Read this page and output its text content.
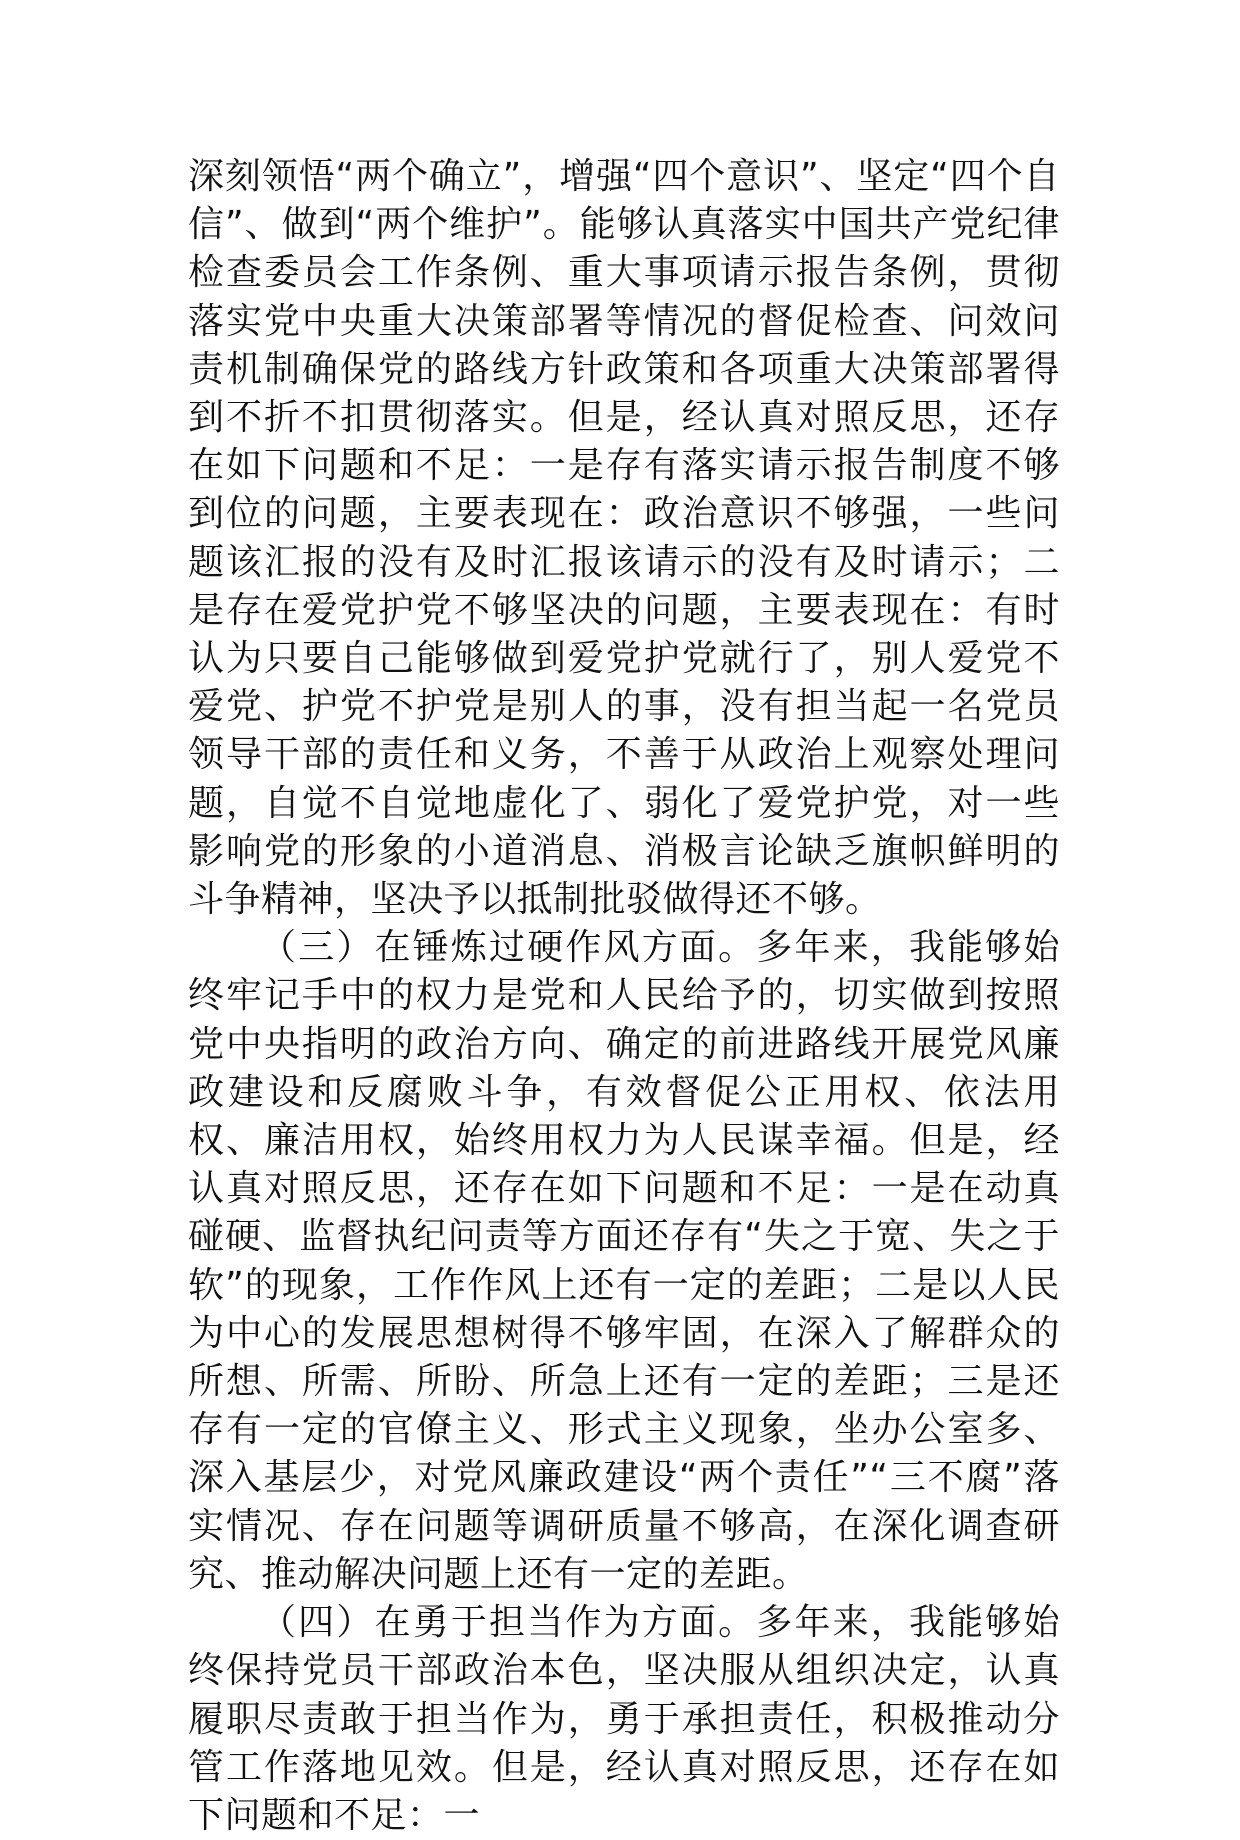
深刻领悟“两个确立”，增强“四个意识”、坚定“四个自信”、做到“两个维护”。能够认真落实中国共产党纪律检查委员会工作条例、重大事项请示报告条例，贯彻落实党中央重大决策部署等情况的督促检查、问效问责机制确保党的路线方针政策和各项重大决策部署得到不折不扣贯彻落实。但是，经认真对照反思，还存在如下问题和不足：一是存有落实请示报告制度不够到位的问题，主要表现在：政治意识不够强，一些问题该汇报的没有及时汇报该请示的没有及时请示；二是存在爱党护党不够坚决的问题，主要表现在：有时认为只要自己能够做到爱党护党就行了，别人爱党不爱党、护党不护党是别人的事，没有担当起一名党员领导干部的责任和义务，不善于从政治上观察处理问题，自觉不自觉地虚化了、弱化了爱党护党，对一些影响党的形象的小道消息、消极言论缺乏旗帜鲜明的斗争精神，坚决予以抵制批驳做得还不够。

（三）在锤炼过硬作风方面。多年来，我能够始终牢记手中的权力是党和人民给予的，切实做到按照党中央指明的政治方向、确定的前进路线开展党风廉政建设和反腐败斗争，有效督促公正用权、依法用权、廉洁用权，始终用权力为人民谋幸福。但是，经认真对照反思，还存在如下问题和不足：一是在动真碰硬、监督执纪问责等方面还存有“失之于宽、失之于软”的现象，工作作风上还有一定的差距；二是以人民为中心的发展思想树得不够牢固，在深入了解群众的所想、所需、所盼、所急上还有一定的差距；三是还存有一定的官僚主义、形式主义现象，坐办公室多、深入基层少，对党风廉政建设“两个责任”“三不腐”落实情况、存在问题等调研质量不够高，在深化调查研究、推动解决问题上还有一定的差距。

（四）在勇于担当作为方面。多年来，我能够始终保持党员干部政治本色，坚决服从组织决定，认真履职尽责敢于担当作为，勇于承担责任，积极推动分管工作落地见效。但是，经认真对照反思，还存在如下问题和不足：一
